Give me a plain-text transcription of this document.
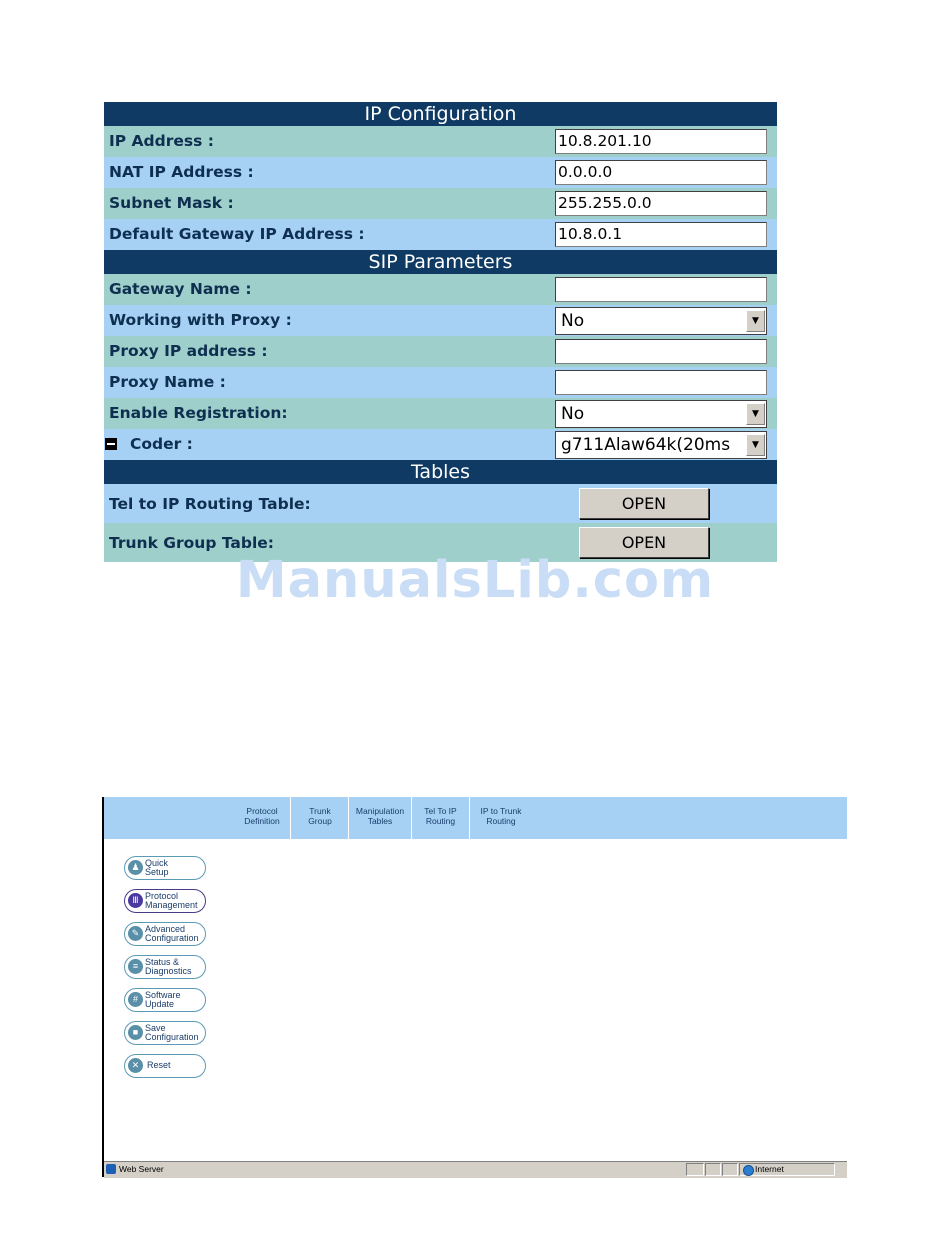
IP Configuration
IP Address :	10.8.201.10
NAT IP Address :	0.0.0.0
Subnet Mask :	255.255.0.0
Default Gateway IP Address :	10.8.0.1
SIP Parameters
Gateway Name :
Working with Proxy :	No	▼
Proxy IP address :
Proxy Name :
Enable Registration:	No	▼
Coder :	g711Alaw64k(20ms	▼
Tables
Tel to IP Routing Table:	OPEN
Trunk Group Table:	OPEN
ManualsLib.com
Protocol
Definition
Trunk
Group
Manipulation
Tables
Tel To IP
Routing
IP to Trunk
Routing
♟ Quick
Setup
Ⅲ Protocol
Management
✎ Advanced
Configuration
≡ Status &
Diagnostics
# Software
Update
■ Save
Configuration
✕ Reset
Web Server	Internet
